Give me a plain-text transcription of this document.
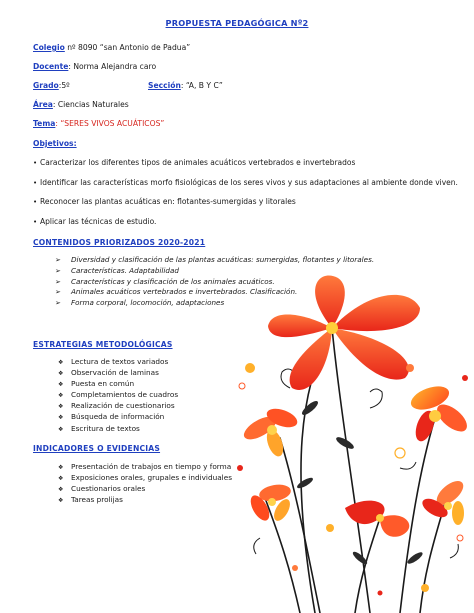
PROPUESTA PEDAGÓGICA Nº2
Colegio nº 8090 “san Antonio de Padua”
Docente: Norma Alejandra caro
Grado:5º	Sección: “A, B Y C”
Área: Ciencias Naturales
Tema: “SERES VIVOS ACUÁTICOS”
Objetivos:
• Caracterizar los diferentes tipos de animales acuáticos vertebrados e invertebrados
• Identificar las características morfo fisiológicas de los seres vivos y sus adaptaciones al ambiente donde viven.
• Reconocer las plantas acuáticas en: flotantes-sumergidas y litorales
• Aplicar las técnicas de estudio.
CONTENIDOS PRIORIZADOS 2020-2021
➢ Diversidad y clasificación de las plantas acuáticas: sumergidas, flotantes y litorales.
➢ Características. Adaptabilidad
➢ Características y clasificación de los animales acuáticos.
➢ Animales acuáticos vertebrados e invertebrados. Clasificación.
➢ Forma corporal, locomoción, adaptaciones
ESTRATEGIAS METODOLÓGICAS
❖ Lectura de textos variados
❖ Observación de laminas
❖ Puesta en común
❖ Completamientos de cuadros
❖ Realización de cuestionarios
❖ Búsqueda de información
❖ Escritura de textos
INDICADORES O EVIDENCIAS
❖ Presentación de trabajos en tiempo y forma
❖ Exposiciones orales, grupales e individuales
❖ Cuestionarios orales
❖ Tareas prolijas
